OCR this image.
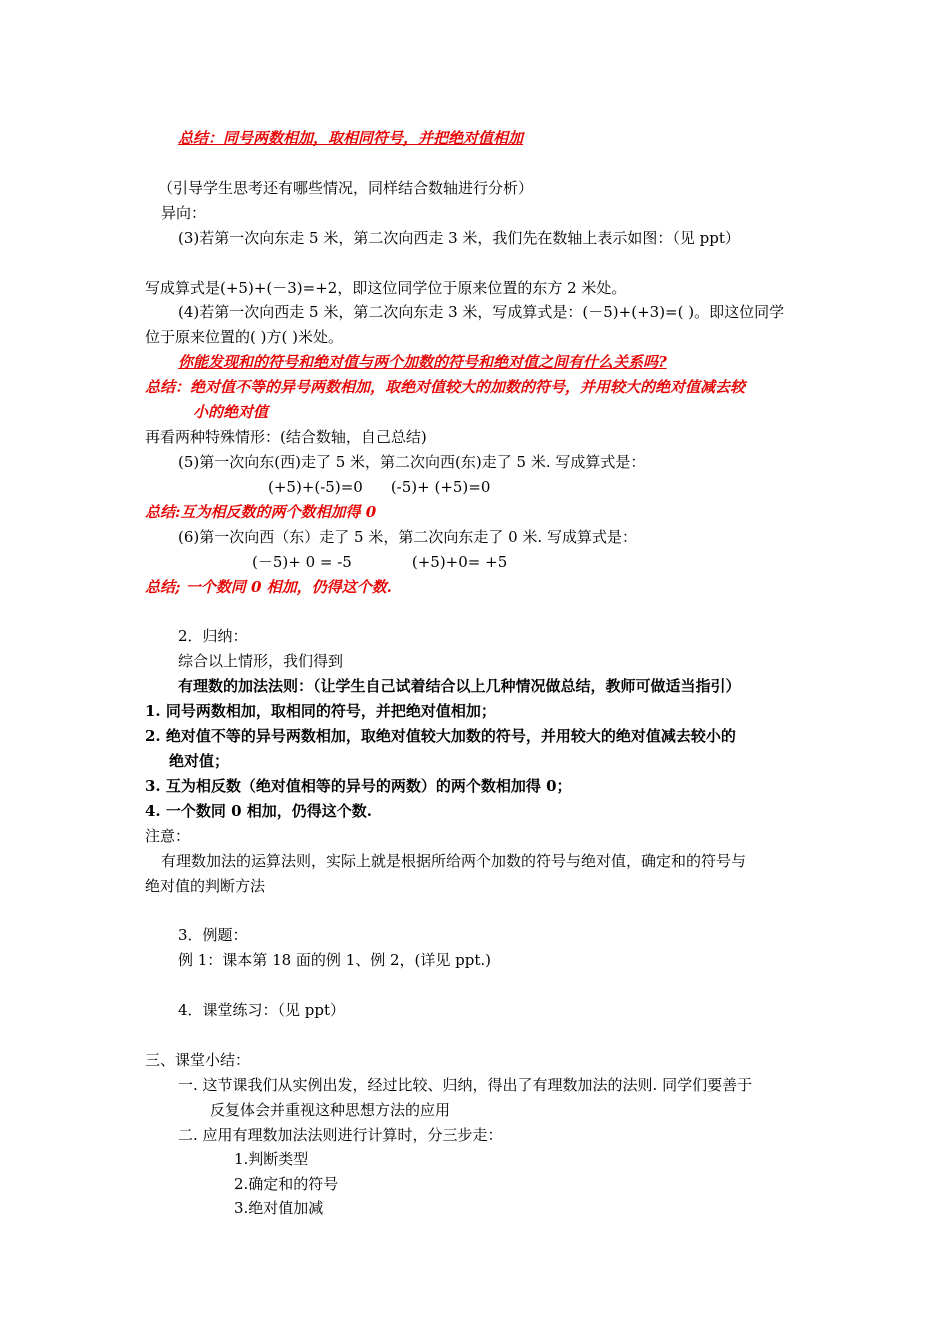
总结：同号两数相加，取相同符号，并把绝对值相加
（引导学生思考还有哪些情况，同样结合数轴进行分析）
异向：
(3)若第一次向东走 5 米，第二次向西走 3 米，我们先在数轴上表示如图：（见 ppt）
写成算式是(+5)+(－3)=+2，即这位同学位于原来位置的东方 2 米处。
(4)若第一次向西走 5 米，第二次向东走 3 米，写成算式是：(－5)+(+3)=( )。即这位同学
位于原来位置的( )方( )米处。
你能发现和的符号和绝对值与两个加数的符号和绝对值之间有什么关系吗?
总结：绝对值不等的异号两数相加，取绝对值较大的加数的符号，并用较大的绝对值减去较
小的绝对值
再看两种特殊情形：(结合数轴，自己总结)
(5)第一次向东(西)走了 5 米，第二次向西(东)走了 5 米. 写成算式是：
(+5)+(-5)=0 (-5)+ (+5)=0
总结:互为相反数的两个数相加得 0
(6)第一次向西（东）走了 5 米，第二次向东走了 0 米. 写成算式是：
(－5)+ 0 = -5	(+5)+0= +5
总结; 一个数同 0 相加，仍得这个数.
2．归纳：
综合以上情形，我们得到
有理数的加法法则：（让学生自己试着结合以上几种情况做总结，教师可做适当指引）
1. 同号两数相加，取相同的符号，并把绝对值相加；
2. 绝对值不等的异号两数相加，取绝对值较大加数的符号，并用较大的绝对值减去较小的
绝对值；
3. 互为相反数（绝对值相等的异号的两数）的两个数相加得 0；
4. 一个数同 0 相加，仍得这个数.
注意：
有理数加法的运算法则，实际上就是根据所给两个加数的符号与绝对值，确定和的符号与
绝对值的判断方法
3．例题：
例 1：课本第 18 面的例 1、例 2，(详见 ppt.)
4．课堂练习：（见 ppt）
三、课堂小结：
一. 这节课我们从实例出发，经过比较、归纳，得出了有理数加法的法则. 同学们要善于
反复体会并重视这种思想方法的应用
二. 应用有理数加法法则进行计算时，分三步走：
1.判断类型
2.确定和的符号
3.绝对值加减
